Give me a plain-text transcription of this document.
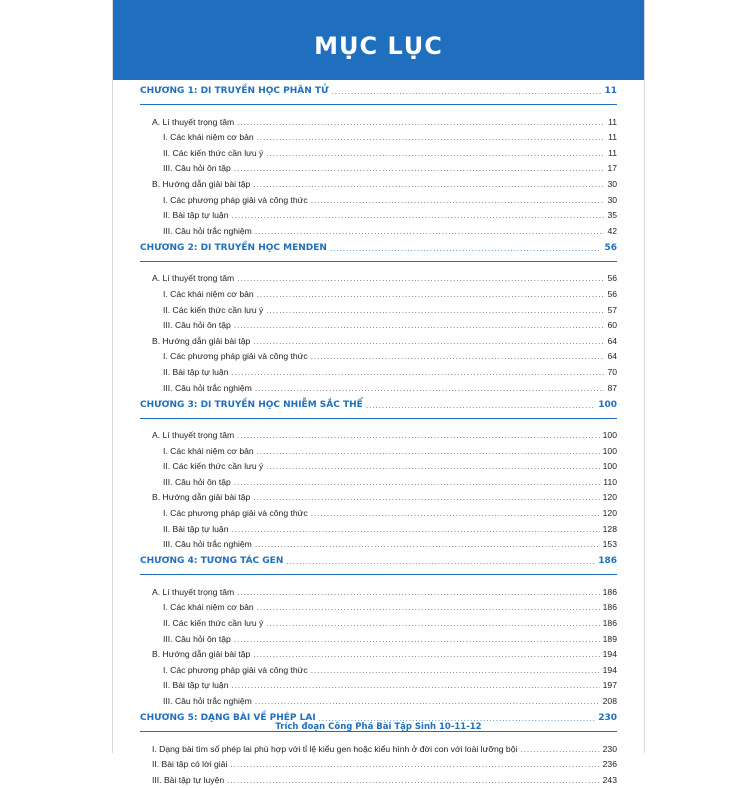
MỤC LỤC
CHƯƠNG 1: DI TRUYỀN HỌC PHÂN TỬ .....	11
A. Lí thuyết trọng tâm .....	11
I. Các khái niệm cơ bản .....	11
II. Các kiến thức cần lưu ý .....	11
III. Câu hỏi ôn tập .....	17
B. Hướng dẫn giải bài tập .....	30
I. Các phương pháp giải và công thức .....	30
II. Bài tập tự luận .....	35
III. Câu hỏi trắc nghiệm .....	42
CHƯƠNG 2: DI TRUYỀN HỌC MENDEN .....	56
A. Lí thuyết trọng tâm .....	56
I. Các khái niệm cơ bản .....	56
II. Các kiến thức cần lưu ý .....	57
III. Câu hỏi ôn tập .....	60
B. Hướng dẫn giải bài tập .....	64
I. Các phương pháp giải và công thức .....	64
II. Bài tập tự luận .....	70
III. Câu hỏi trắc nghiệm .....	87
CHƯƠNG 3: DI TRUYỀN HỌC NHIỄM SẮC THỂ .....	100
A. Lí thuyết trọng tâm .....	100
I. Các khái niệm cơ bản .....	100
II. Các kiến thức cần lưu ý .....	100
III. Câu hỏi ôn tập .....	110
B. Hướng dẫn giải bài tập .....	120
I. Các phương pháp giải và công thức .....	120
II. Bài tập tự luận .....	128
III. Câu hỏi trắc nghiệm .....	153
CHƯƠNG 4: TƯƠNG TÁC GEN .....	186
A. Lí thuyết trọng tâm .....	186
I. Các khái niệm cơ bản .....	186
II. Các kiến thức cần lưu ý .....	186
III. Câu hỏi ôn tập .....	189
B. Hướng dẫn giải bài tập .....	194
I. Các phương pháp giải và công thức .....	194
II. Bài tập tự luận .....	197
III. Câu hỏi trắc nghiệm .....	208
CHƯƠNG 5: DẠNG BÀI VỀ PHÉP LAI .....	230
I. Dạng bài tìm số phép lai phù hợp với tỉ lệ kiểu gen hoặc kiểu hình ở đời con với loài lưỡng bội .....	230
II. Bài tập có lời giải .....	236
III. Bài tập tự luyện .....	243
Trích đoạn Công Phá Bài Tập Sinh 10-11-12
